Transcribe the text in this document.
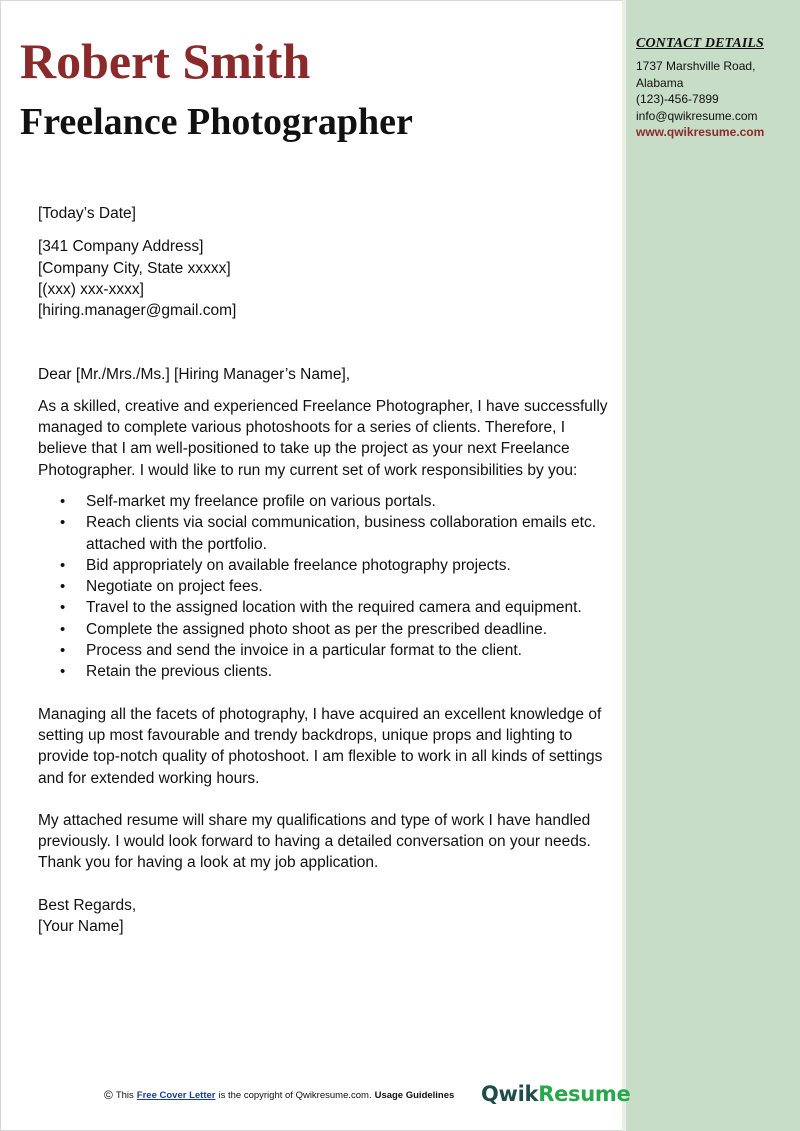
Robert Smith
Freelance Photographer
CONTACT DETAILS
1737 Marshville Road,
Alabama
(123)-456-7899
info@qwikresume.com
www.qwikresume.com

[Today’s Date]

[341 Company Address]

[Company City, State xxxxx]

[(xxx) xxx-xxxx]

[hiring.manager@gmail.com]

Dear [Mr./Mrs./Ms.] [Hiring Manager’s Name],

As a skilled, creative and experienced Freelance Photographer, I have successfully managed to complete various photoshoots for a series of clients. Therefore, I believe that I am well-positioned to take up the project as your next Freelance Photographer. I would like to run my current set of work responsibilities by you:

• Self-market my freelance profile on various portals.
• Reach clients via social communication, business collaboration emails etc. attached with the portfolio.
• Bid appropriately on available freelance photography projects.
• Negotiate on project fees.
• Travel to the assigned location with the required camera and equipment.
• Complete the assigned photo shoot as per the prescribed deadline.
• Process and send the invoice in a particular format to the client.
• Retain the previous clients.

Managing all the facets of photography, I have acquired an excellent knowledge of setting up most favourable and trendy backdrops, unique props and lighting to provide top-notch quality of photoshoot. I am flexible to work in all kinds of settings and for extended working hours.

My attached resume will share my qualifications and type of work I have handled previously. I would look forward to having a detailed conversation on your needs. Thank you for having a look at my job application.

Best Regards,

[Your Name]

© This Free Cover Letter is the copyright of Qwikresume.com. Usage Guidelines QwikResume
